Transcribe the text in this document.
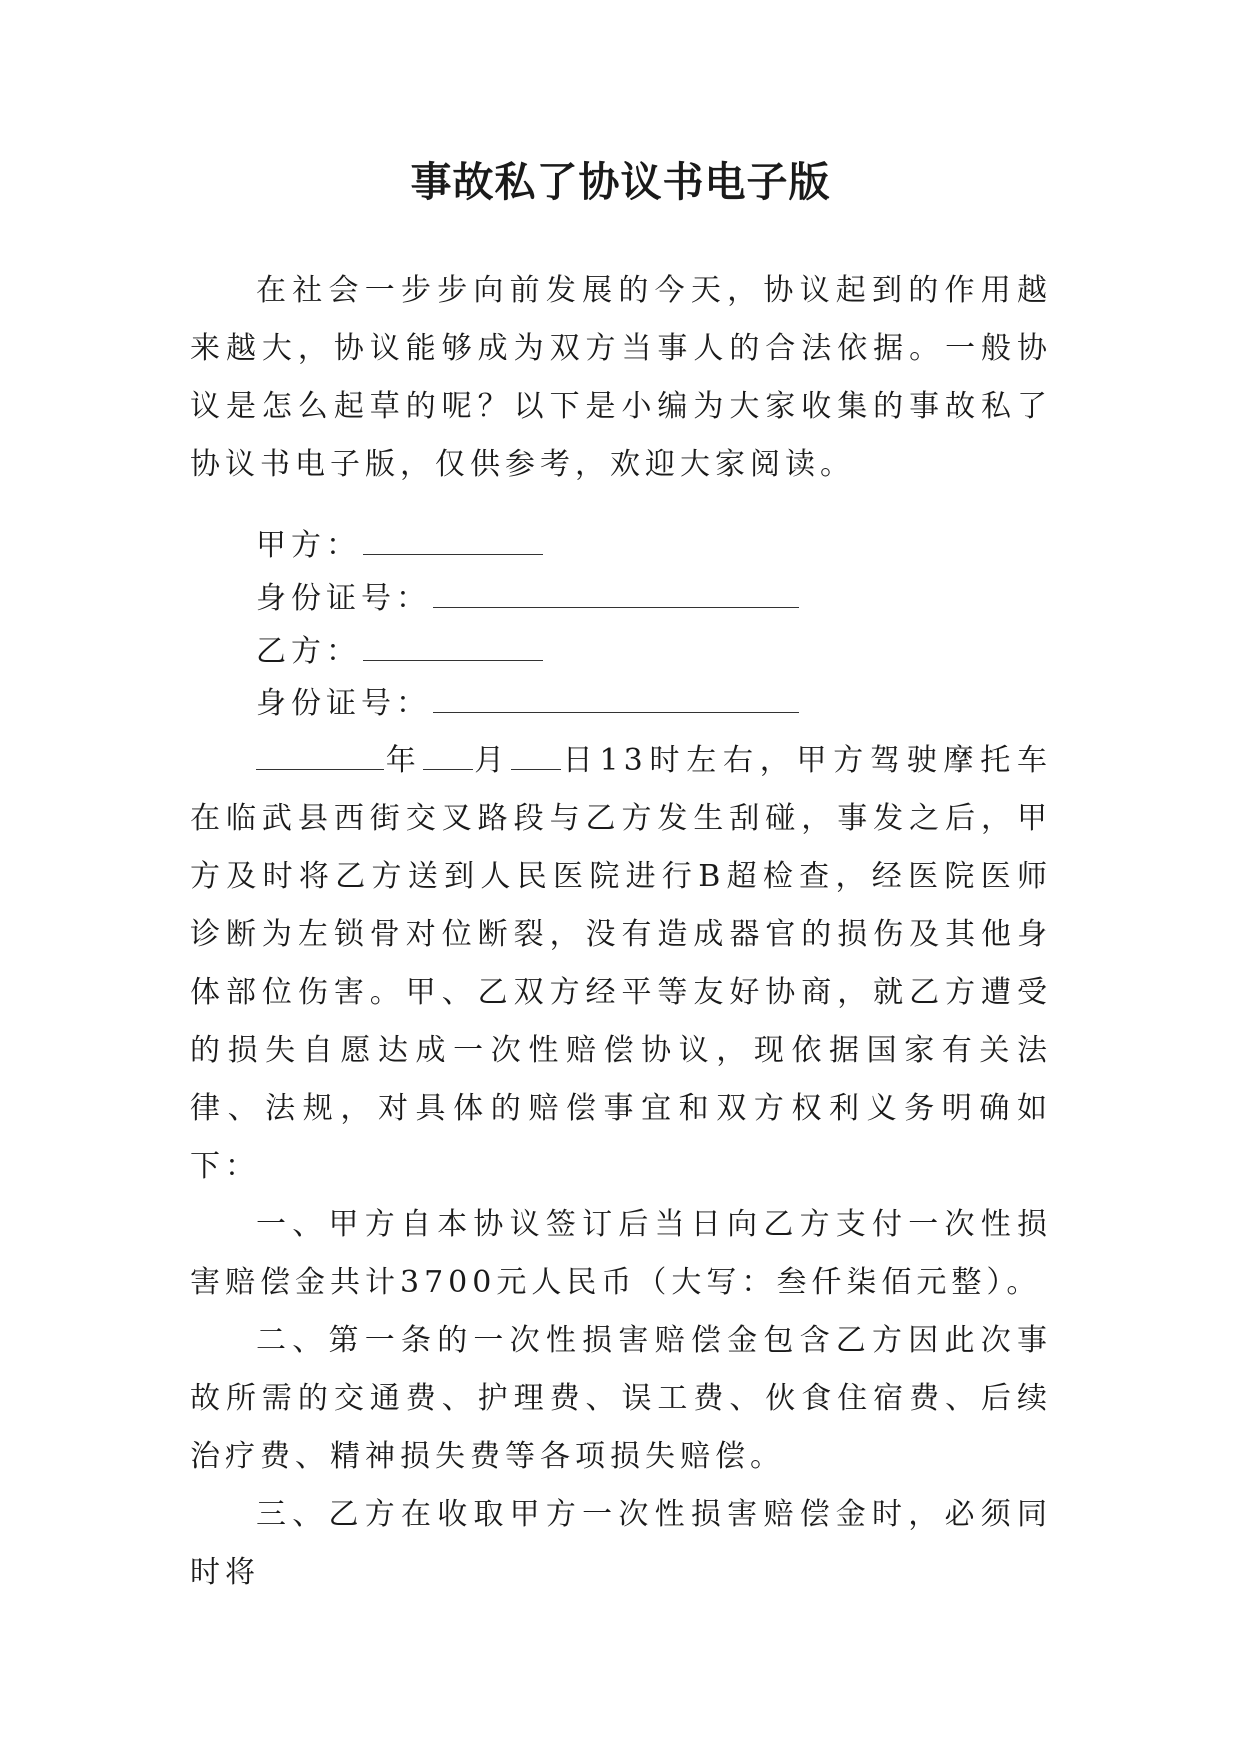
事故私了协议书电子版

在社会一步步向前发展的今天，协议起到的作用越来越大，协议能够成为双方当事人的合法依据。一般协议是怎么起草的呢？以下是小编为大家收集的事故私了协议书电子版，仅供参考，欢迎大家阅读。

甲方：

身份证号：

乙方：

身份证号：

年 月 日13时左右，甲方驾驶摩托车在临武县西街交叉路段与乙方发生刮碰，事发之后，甲方及时将乙方送到人民医院进行B超检查，经医院医师诊断为左锁骨对位断裂，没有造成器官的损伤及其他身体部位伤害。甲、乙双方经平等友好协商，就乙方遭受的损失自愿达成一次性赔偿协议，现依据国家有关法律、法规，对具体的赔偿事宜和双方权利义务明确如下：

一、甲方自本协议签订后当日向乙方支付一次性损害赔偿金共计3700元人民币（大写：叁仟柒佰元整）。

二、第一条的一次性损害赔偿金包含乙方因此次事故所需的交通费、护理费、误工费、伙食住宿费、后续治疗费、精神损失费等各项损失赔偿。

三、乙方在收取甲方一次性损害赔偿金时，必须同时将
